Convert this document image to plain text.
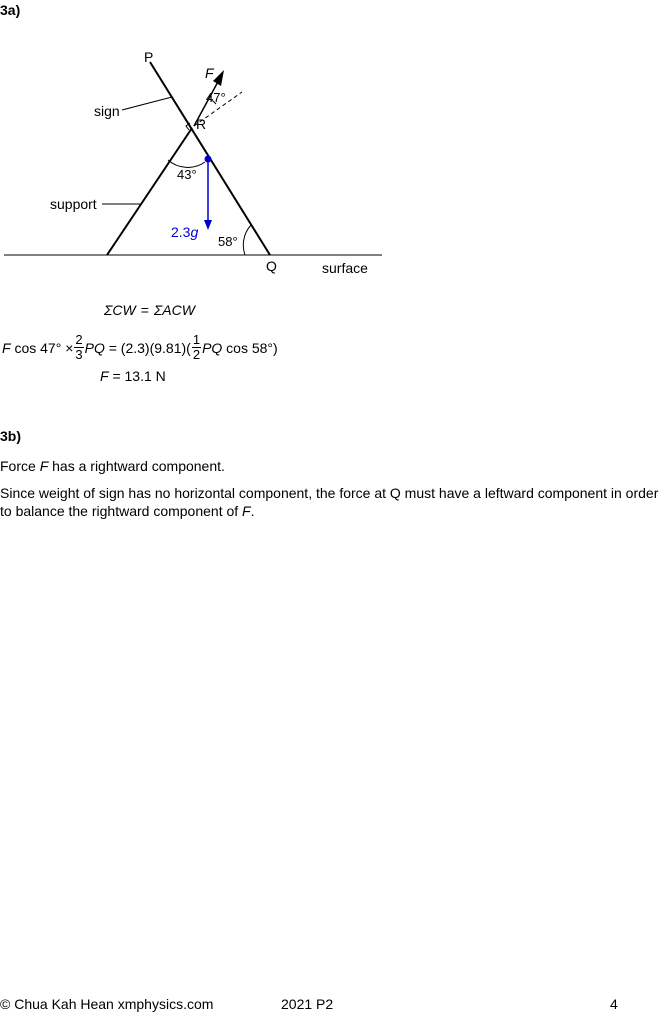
3a)

P
F
47°
R
sign
43°
support
2.3g
58°
Q	surface
ΣCW = ΣACW
F $\cos 47^\circ \times \frac{2}{3}$ PQ = $(2.3)(9.81)( \frac{1}{2}$ PQ cos 58°)
F = 13.1 N

3b)

Force F has a rightward component.

Since weight of sign has no horizontal component, the force at Q must have a leftward component in order to balance the rightward component of F.

© Chua Kah Hean xmphysics.com	2021 P2	4
